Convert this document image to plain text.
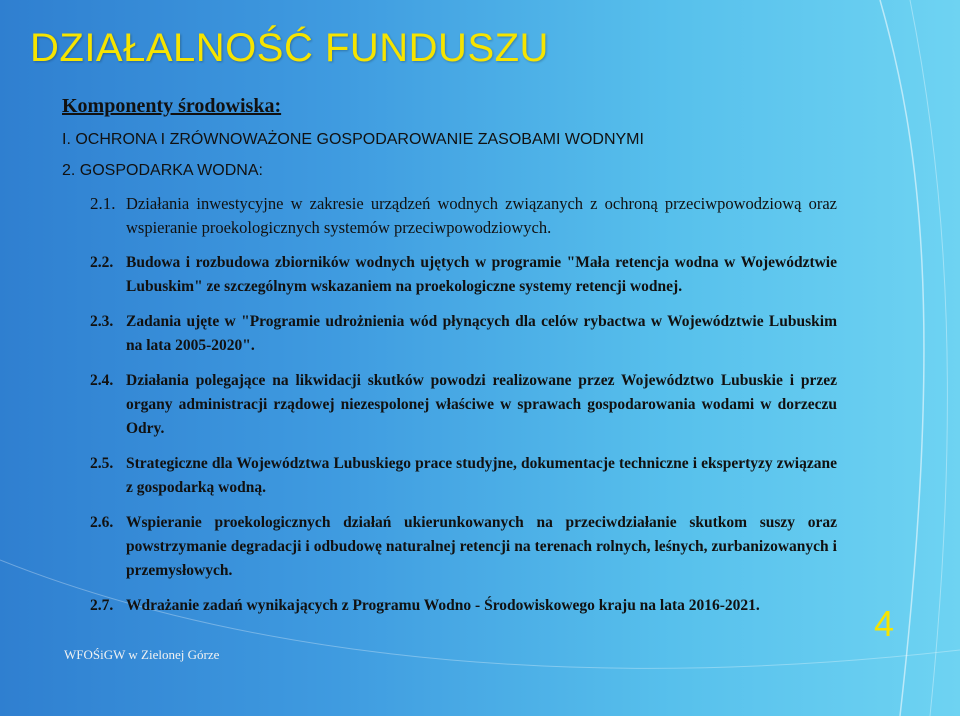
DZIAŁALNOŚĆ FUNDUSZU
Komponenty środowiska:
I. OCHRONA I ZRÓWNOWAŻONE GOSPODAROWANIE ZASOBAMI WODNYMI
2. GOSPODARKA WODNA:
2.1. Działania inwestycyjne w zakresie urządzeń wodnych związanych z ochroną przeciwpowodziową oraz wspieranie proekologicznych systemów przeciwpowodziowych.
2.2. Budowa i rozbudowa zbiorników wodnych ujętych w programie "Mała retencja wodna w Województwie Lubuskim" ze szczególnym wskazaniem na proekologiczne systemy retencji wodnej.
2.3. Zadania ujęte w "Programie udrożnienia wód płynących dla celów rybactwa w Województwie Lubuskim na lata 2005-2020".
2.4. Działania polegające na likwidacji skutków powodzi realizowane przez Województwo Lubuskie i przez organy administracji rządowej niezespolonej właściwe w sprawach gospodarowania wodami w dorzeczu Odry.
2.5. Strategiczne dla Województwa Lubuskiego prace studyjne, dokumentacje techniczne i ekspertyzy związane z gospodarką wodną.
2.6. Wspieranie proekologicznych działań ukierunkowanych na przeciwdziałanie skutkom suszy oraz powstrzymanie degradacji i odbudowę naturalnej retencji na terenach rolnych, leśnych, zurbanizowanych i przemysłowych.
2.7. Wdrażanie zadań wynikających z Programu Wodno - Środowiskowego kraju na lata 2016-2021.
WFOŚiGW w Zielonej Górze
4
